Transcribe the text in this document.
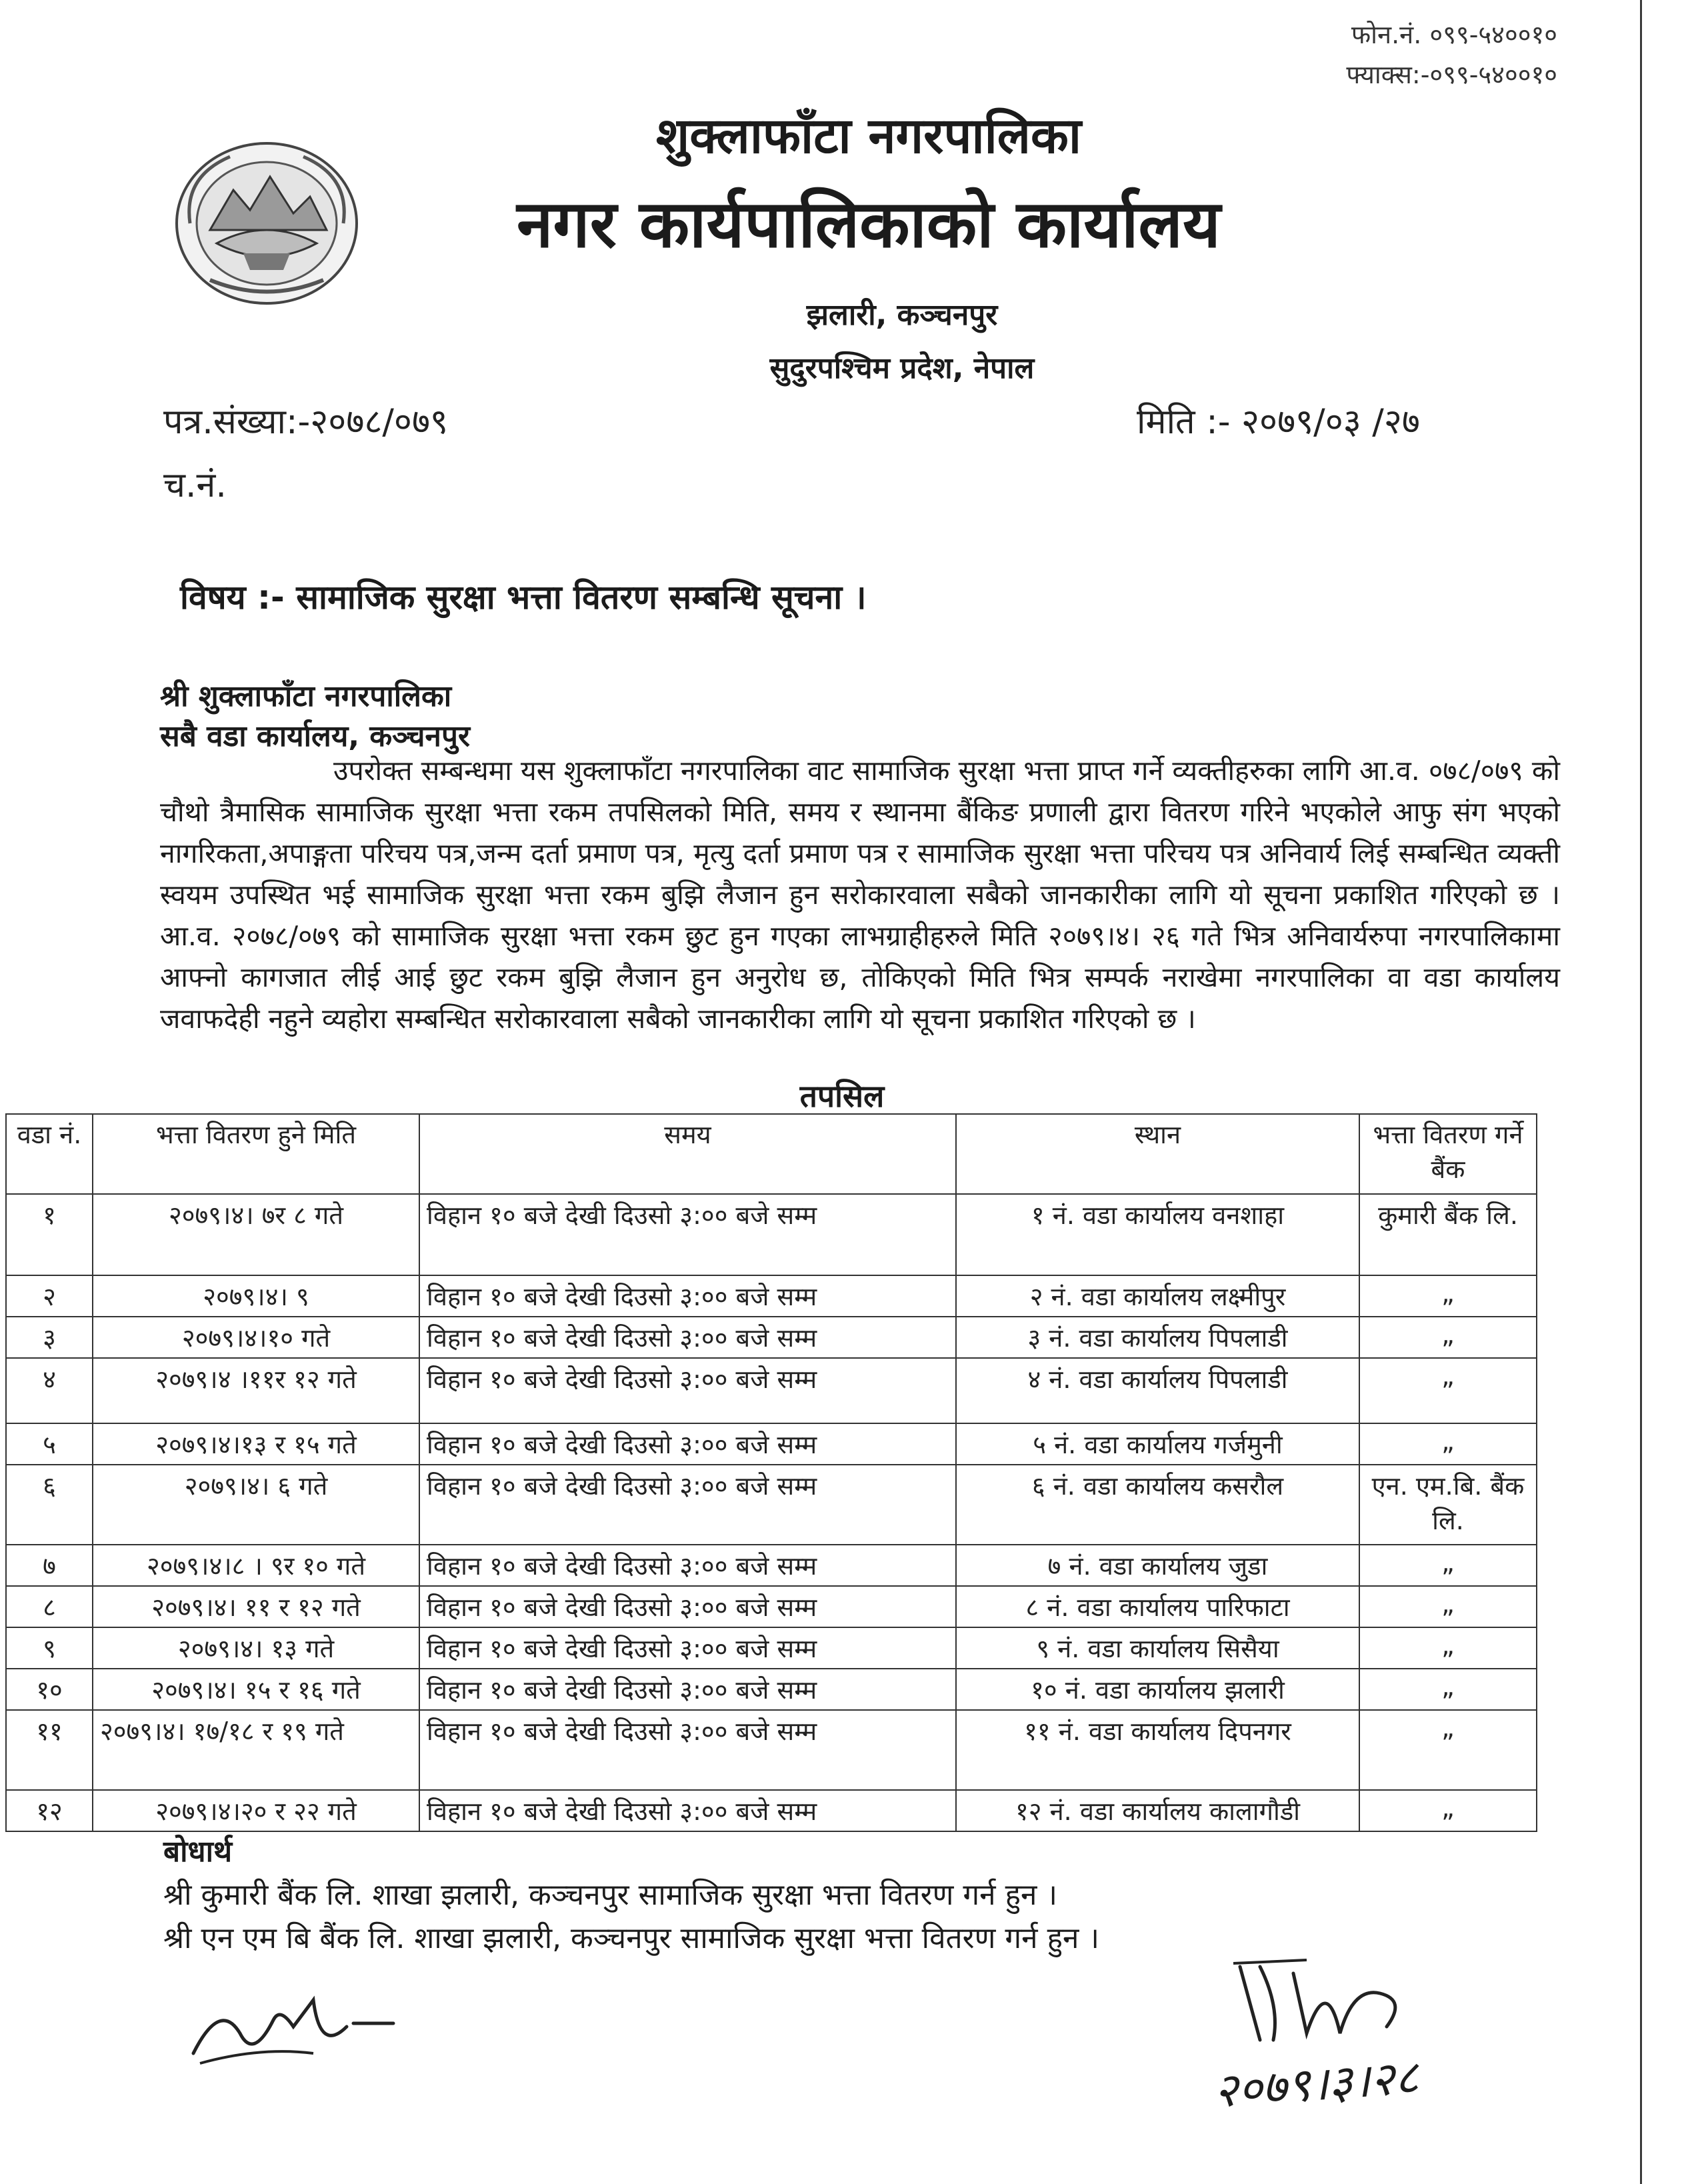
फोन.नं. ०९९-५४००१०
फ्याक्स:-०९९-५४००१०
शुक्लाफाँटा नगरपालिका
नगर कार्यपालिकाको कार्यालय
झलारी, कञ्चनपुर
सुदुरपश्चिम प्रदेश, नेपाल
पत्र.संख्या:-२०७८/०७९
च.नं.
मिति :- २०७९/०३ /२७
विषय :- सामाजिक सुरक्षा भत्ता वितरण सम्बन्धि सूचना ।
श्री शुक्लाफाँटा नगरपालिका
सबै वडा कार्यालय, कञ्चनपुर
उपरोक्त सम्बन्धमा यस शुक्लाफाँटा नगरपालिका वाट सामाजिक सुरक्षा भत्ता प्राप्त गर्ने व्यक्तीहरुका लागि आ.व. ०७८/०७९ को चौथो त्रैमासिक सामाजिक सुरक्षा भत्ता रकम तपसिलको मिति, समय र स्थानमा बैंकिङ प्रणाली द्वारा वितरण गरिने भएकोले आफु संग भएको नागरिकता,अपाङ्गता परिचय पत्र,जन्म दर्ता प्रमाण पत्र, मृत्यु दर्ता प्रमाण पत्र र सामाजिक सुरक्षा भत्ता परिचय पत्र अनिवार्य लिई सम्बन्धित व्यक्ती स्वयम उपस्थित भई सामाजिक सुरक्षा भत्ता रकम बुझि लैजान हुन सरोकारवाला सबैको जानकारीका लागि यो सूचना प्रकाशित गरिएको छ । आ.व. २०७८/०७९ को सामाजिक सुरक्षा भत्ता रकम छुट हुन गएका लाभग्राहीहरुले मिति २०७९।४। २६ गते भित्र अनिवार्यरुपा नगरपालिकामा आफ्नो कागजात लीई आई छुट रकम बुझि लैजान हुन अनुरोध छ, तोकिएको मिति भित्र सम्पर्क नराखेमा नगरपालिका वा वडा कार्यालय जवाफदेही नहुने व्यहोरा सम्बन्धित सरोकारवाला सबैको जानकारीका लागि यो सूचना प्रकाशित गरिएको छ ।
तपसिल
वडा नं.	भत्ता वितरण हुने मिति	समय	स्थान	भत्ता वितरण गर्ने बैंक
१	२०७९।४। ७र ८ गते	विहान १० बजे देखी दिउसो ३:०० बजे सम्म	१ नं. वडा कार्यालय वनशाहा	कुमारी बैंक लि.
२	२०७९।४। ९	विहान १० बजे देखी दिउसो ३:०० बजे सम्म	२ नं. वडा कार्यालय लक्ष्मीपुर	„
३	२०७९।४।१० गते	विहान १० बजे देखी दिउसो ३:०० बजे सम्म	३ नं. वडा कार्यालय पिपलाडी	„
४	२०७९।४ ।११र १२ गते	विहान १० बजे देखी दिउसो ३:०० बजे सम्म	४ नं. वडा कार्यालय पिपलाडी	„
५	२०७९।४।१३ र १५ गते	विहान १० बजे देखी दिउसो ३:०० बजे सम्म	५ नं. वडा कार्यालय गर्जमुनी	„
६	२०७९।४। ६ गते	विहान १० बजे देखी दिउसो ३:०० बजे सम्म	६ नं. वडा कार्यालय कसरौल	एन. एम.बि. बैंक लि.
७	२०७९।४।८ । ९र १० गते	विहान १० बजे देखी दिउसो ३:०० बजे सम्म	७ नं. वडा कार्यालय जुडा	„
८	२०७९।४। ११ र १२ गते	विहान १० बजे देखी दिउसो ३:०० बजे सम्म	८ नं. वडा कार्यालय पारिफाटा	„
९	२०७९।४। १३ गते	विहान १० बजे देखी दिउसो ३:०० बजे सम्म	९ नं. वडा कार्यालय सिसैया	„
१०	२०७९।४। १५ र १६ गते	विहान १० बजे देखी दिउसो ३:०० बजे सम्म	१० नं. वडा कार्यालय झलारी	„
११	२०७९।४। १७/१८ र १९ गते	विहान १० बजे देखी दिउसो ३:०० बजे सम्म	११ नं. वडा कार्यालय दिपनगर	„
१२	२०७९।४।२० र २२ गते	विहान १० बजे देखी दिउसो ३:०० बजे सम्म	१२ नं. वडा कार्यालय कालागौडी	„
बोधार्थ
श्री कुमारी बैंक लि. शाखा झलारी, कञ्चनपुर सामाजिक सुरक्षा भत्ता वितरण गर्न हुन ।
श्री एन एम बि बैंक लि. शाखा झलारी, कञ्चनपुर सामाजिक सुरक्षा भत्ता वितरण गर्न हुन ।
२०७९।३।२८
